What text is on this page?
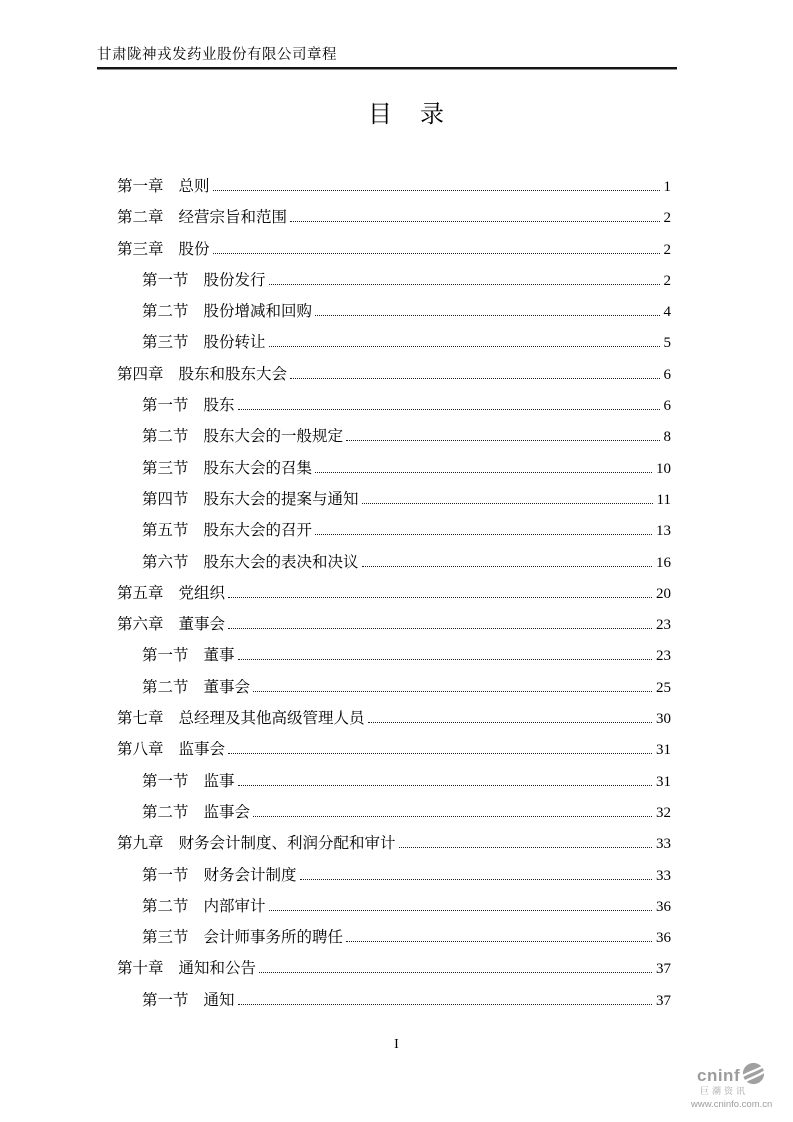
甘肃陇神戎发药业股份有限公司章程
目　录
第一章 总则	1
第二章 经营宗旨和范围	2
第三章 股份	2
第一节 股份发行	2
第二节 股份增减和回购	4
第三节 股份转让	5
第四章 股东和股东大会	6
第一节 股东	6
第二节 股东大会的一般规定	8
第三节 股东大会的召集	10
第四节 股东大会的提案与通知	11
第五节 股东大会的召开	13
第六节 股东大会的表决和决议	16
第五章 党组织	20
第六章 董事会	23
第一节 董事	23
第二节 董事会	25
第七章 总经理及其他高级管理人员	30
第八章 监事会	31
第一节 监事	31
第二节 监事会	32
第九章 财务会计制度、利润分配和审计	33
第一节 财务会计制度	33
第二节 内部审计	36
第三节 会计师事务所的聘任	36
第十章 通知和公告	37
第一节 通知	37
I
cninf
巨潮资讯
www.cninfo.com.cn
